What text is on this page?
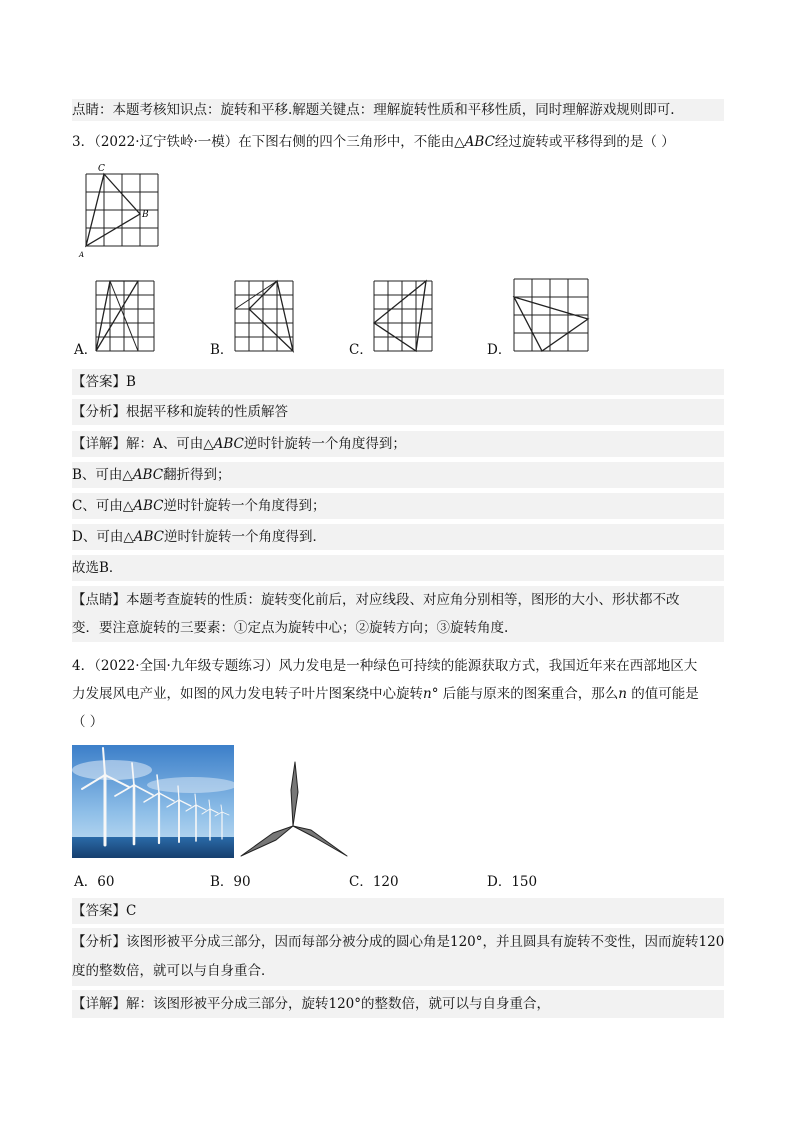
点睛：本题考核知识点：旋转和平移.解题关键点：理解旋转性质和平移性质，同时理解游戏规则即可.
3．（2022·辽宁铁岭·一模）在下图右侧的四个三角形中，不能由△ABC经过旋转或平移得到的是（ ）
C
B
A
A．	B．	C．	D．
【答案】B
【分析】根据平移和旋转的性质解答
【详解】解：A、可由△ABC逆时针旋转一个角度得到；
B、可由△ABC翻折得到；
C、可由△ABC逆时针旋转一个角度得到；
D、可由△ABC逆时针旋转一个角度得到．
故选B．
【点睛】本题考查旋转的性质：旋转变化前后，对应线段、对应角分别相等，图形的大小、形状都不改
变．要注意旋转的三要素：①定点为旋转中心；②旋转方向；③旋转角度.
4．（2022·全国·九年级专题练习）风力发电是一种绿色可持续的能源获取方式，我国近年来在西部地区大
力发展风电产业，如图的风力发电转子叶片图案绕中心旋转n° 后能与原来的图案重合，那么n 的值可能是
（ ）
A．60	B．90	C．120	D．150
【答案】C
【分析】该图形被平分成三部分，因而每部分被分成的圆心角是120°，并且圆具有旋转不变性，因而旋转120
度的整数倍，就可以与自身重合．
【详解】解：该图形被平分成三部分，旋转120°的整数倍，就可以与自身重合，
